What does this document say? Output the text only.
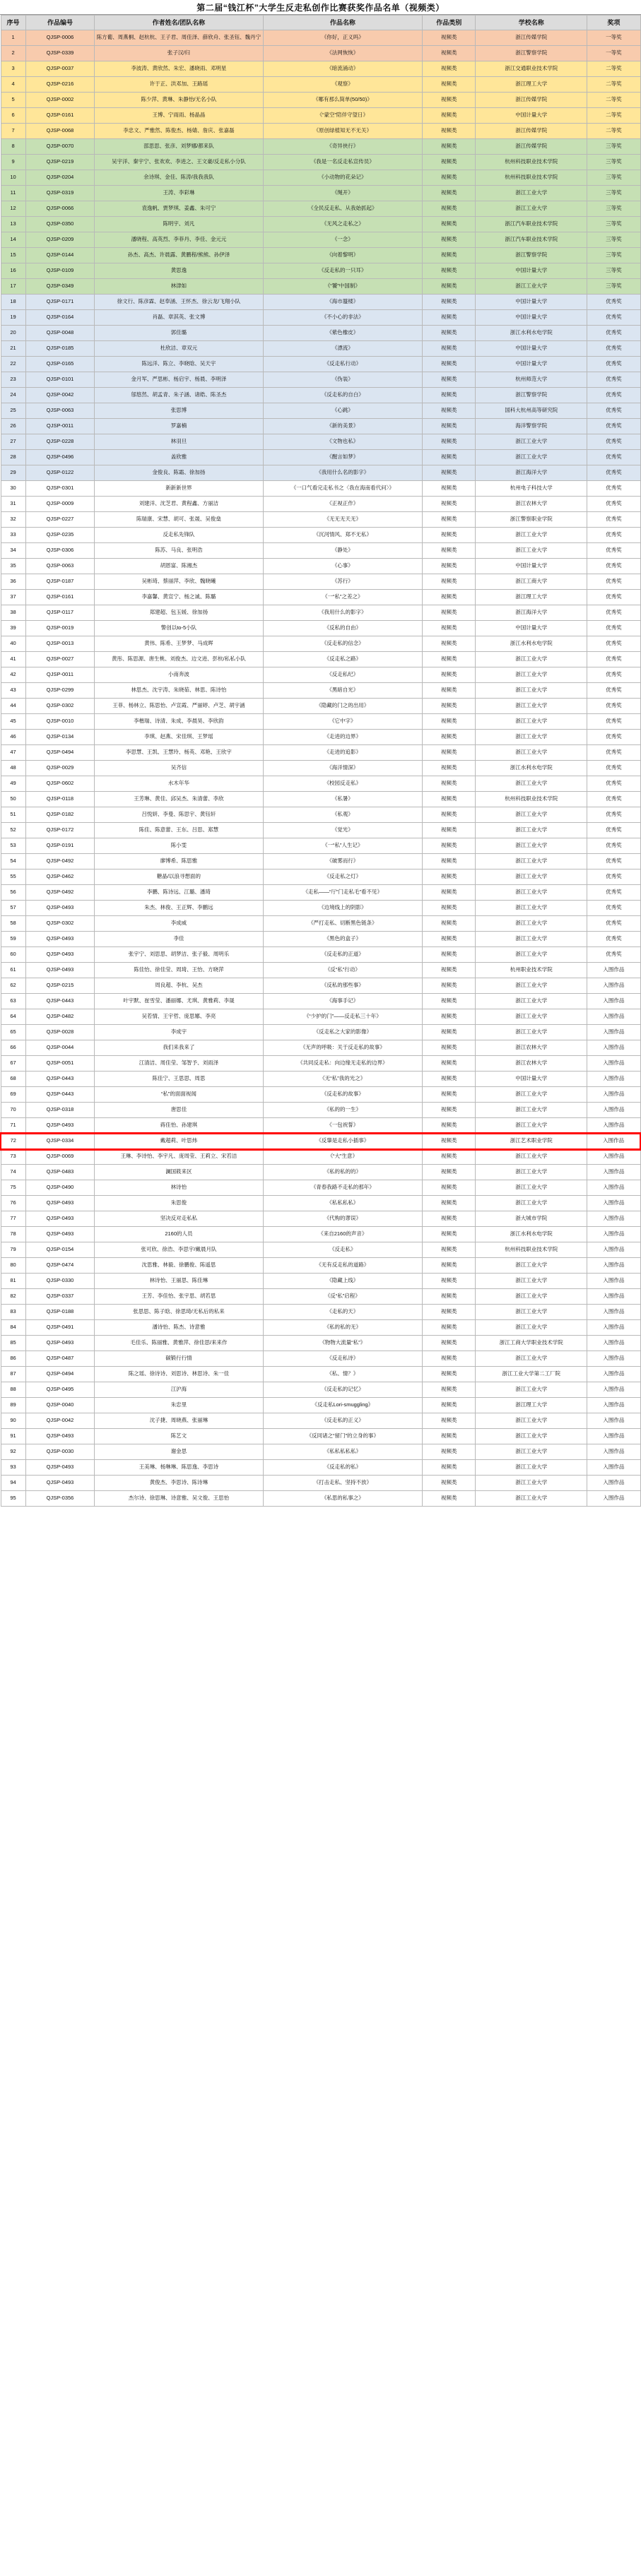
第二届“钱江杯”大学生反走私创作比赛获奖作品名单（视频类）
序号	作品编号	作者姓名/团队名称	作品名称	作品类别	学校名称	奖项
1	QJSP-0006	陈方葡、周燕桐、赵杭杭、王子君、周佳泽、薛欣舟、张圣钰、魏丹宁	《你好，正义吗》	视频类	浙江传媒学院	一等奖
2	QJSP-0339	张子汉/归	《法网恢恢》	视频类	浙江警察学院	一等奖
3	QJSP-0037	李波涛、黄欣然、朱宏、潘晓雨、邓明星	《暗流涌动》	视频类	浙江交通职业技术学院	二等奖
4	QJSP-0216	许于正、洪邓加、王路瑶	《观察》	视频类	浙江理工大学	二等奖
5	QJSP-0002	陈少萍、黄琳、朱静怡/无名小队	《哪有那么简单(50/50)》	视频类	浙江传媒学院	二等奖
6	QJSP-0161	王博、宁雨雨、杨晶晶	《“蒙空”陪伴守望日》	视频类	中国计量大学	二等奖
7	QJSP-0068	李忠文、严雅然、陈俊杰、杨婧、詹庆、张嘉磊	《原创绿植知无不无关》	视频类	浙江传媒学院	二等奖
8	QJSP-0070	邵思思、张彦、刘梦娜/都来队	《奇异侠行》	视频类	浙江传媒学院	三等奖
9	QJSP-0219	吴宇洋、秦宇宁、张欢欢、李进之、王文豪/反走私小分队	《我是一名反走私宣传员》	视频类	杭州科技职业技术学院	三等奖
10	QJSP-0204	余诗琪、金佳、陈涛/我我我队	《小动物的花朵记》	视频类	杭州科技职业技术学院	三等奖
11	QJSP-0319	王涛、李彩琳	《绳开》	视频类	浙江工业大学	三等奖
12	QJSP-0066	袁逸帆、贾梦琪、姜鑫、朱可宁	《全民反走私、从我始抓起》	视频类	浙江工业大学	三等奖
13	QJSP-0350	陈明宇、刘凡	《无风之走私之》	视频类	浙江汽车职业技术学院	三等奖
14	QJSP-0209	潘晓程、高英烈、李菲丹、李佳、金元元	《一念》	视频类	浙江汽车职业技术学院	三等奖
15	QJSP-0144	孙杰、高杰、许晨露、黄鹏程/熊熊、孙伊泽	《向着黎明》	视频类	浙江警察学院	三等奖
16	QJSP-0109	黄思逸	《反走私的一只耳》	视频类	中国计量大学	三等奖
17	QJSP-0349	林津如	《“饕”中国制》	视频类	浙江工业大学	三等奖
18	QJSP-0171	徐文行、陈彦霖、赵奉涵、王怀杰、徐云龙/飞翔小队	《海市蜃楼》	视频类	中国计量大学	优秀奖
19	QJSP-0164	肖磊、章淇英、张文博	《不小心的非法》	视频类	中国计量大学	优秀奖
20	QJSP-0048	郭佳璐	《紫色橡皮》	视频类	浙江水利水电学院	优秀奖
21	QJSP-0185	杜欣洁、章双元	《漂流》	视频类	中国计量大学	优秀奖
22	QJSP-0165	陈远洋、陈立、李晓晗、吴天宇	《反走私行动》	视频类	中国计量大学	优秀奖
23	QJSP-0101	金月军、严思彬、杨启宇、杨晨、李明泽	《伪装》	视频类	杭州师范大学	优秀奖
24	QJSP-0042	邬悠然、胡孟青、朱子涵、诸皓、陈圣杰	《反走私的自白》	视频类	浙江警察学院	优秀奖
25	QJSP-0063	张思博	《心跳》	视频类	国科大杭州高等研究院	优秀奖
26	QJSP-0011	罗嘉楠	《新的美景》	视频类	海洋警察学院	优秀奖
27	QJSP-0228	林羽旦	《文物也私》	视频类	浙江工业大学	优秀奖
28	QJSP-0496	盖欣雅	《醒言如梦》	视频类	浙江工业大学	优秀奖
29	QJSP-0122	金俊良、陈霜、徐加扬	《我用什么名的影字》	视频类	浙江海洋大学	优秀奖
30	QJSP-0301	新新新世界	《一口气看完走私书之〈我在海南看代问〉》	视频类	杭州电子科技大学	优秀奖
31	QJSP-0009	刘建洋、沈芝君、黄程鑫、方丽洁	《正视正作》	视频类	浙江农林大学	优秀奖
32	QJSP-0227	陈瑞康、宋慧、胡可、张晟、吴俊燊	《无无无天无》	视频类	浙江警察职业学院	优秀奖
33	QJSP-0235	反走私先锋队	《沉河情风、郑不无私》	视频类	浙江工业大学	优秀奖
34	QJSP-0306	陈苏、马良、张明浩	《静处》	视频类	浙江工业大学	优秀奖
35	QJSP-0063	胡恩富、陈湘杰	《心事》	视频类	中国计量大学	优秀奖
36	QJSP-0187	吴彬琦、蔡丽萍、李欣、魏晓曦	《苏行》	视频类	浙江工商大学	优秀奖
37	QJSP-0161	李嘉馨、黄宣宁、杨之诚、陈璐	《一“私”之差之》	视频类	浙江理工大学	优秀奖
38	QJSP-0117	郑建超、包玉媛、徐加扬	《我用什么的影字》	视频类	浙江海洋大学	优秀奖
39	QJSP-0019	警创以to-5小队	《反私的自由》	视频类	中国计量大学	优秀奖
40	QJSP-0013	黄伟、陈希、王梦梦、马成晖	《反走私的信念》	视频类	浙江水利水电学院	优秀奖
41	QJSP-0027	黄彤、陈思源、唐生桃、刘俊杰、边文进、彭杭/私私小队	《反走私之路》	视频类	浙江工业大学	优秀奖
42	QJSP-0011	小南奔波	《反走私纪》	视频类	浙江工业大学	优秀奖
43	QJSP-0299	林思杰、沈宇涛、朱晓茹、林思、陈诗怡	《黑暗自光》	视频类	浙江工业大学	优秀奖
44	QJSP-0302	王菲、杨林立、陈思怡、卢宣霞、严丽婷、卢芝、胡宇涵	《隐藏的门之的出用》	视频类	浙江工业大学	优秀奖
45	QJSP-0010	李楷瑞、诗清、朱成、李晨昊、李欣韵	《它中字》	视频类	浙江工业大学	优秀奖
46	QJSP-0134	李琪、赵燕、宋佳琪、王梦瑶	《走进的边界》	视频类	浙江工业大学	优秀奖
47	QJSP-0494	李思慧、王凯、王慧玲、杨英、邓艳、王欣宇	《走进的追影》	视频类	浙江工业大学	优秀奖
48	QJSP-0029	吴齐信	《海洋情深》	视频类	浙江水利水电学院	优秀奖
49	QJSP-0602	水木年华	《校园反走私》	视频类	浙江工业大学	优秀奖
50	QJSP-0118	王芳琳、黄佳、邱吴杰、朱清蕾、李欣	《私暑》	视频类	杭州科技职业技术学院	优秀奖
51	QJSP-0182	吕悦妍、李曼、陈思宇、黄钰轩	《私观》	视频类	浙江工业大学	优秀奖
52	QJSP-0172	陈佳、陈意蕾、王东、吕思、郑慧	《觉光》	视频类	浙江工业大学	优秀奖
53	QJSP-0191	陈小雯	《一“私”人生记》	视频类	浙江工业大学	优秀奖
54	QJSP-0492	廖博希、陈思雅	《破雾而行》	视频类	浙江工业大学	优秀奖
55	QJSP-0462	糖晶/以浪寻想面的	《反走私之灯》	视频类	浙江工业大学	优秀奖
56	QJSP-0492	李鹏、陈诗远、江璐、潘琦	《走私——“厅”门走私毛”看不见》	视频类	浙江工业大学	优秀奖
57	QJSP-0493	朱杰、林俊、王正辉、李鹏远	《边境线上的阴影》	视频类	浙江工业大学	优秀奖
58	QJSP-0302	李成威	《严打走私、切断黑色链条》	视频类	浙江工业大学	优秀奖
59	QJSP-0493	李佳	《黑色的盒子》	视频类	浙江工业大学	优秀奖
60	QJSP-0493	张宇宁、刘思思、胡梦洁、张子毅、周明乐	《反走私的正道》	视频类	浙江工业大学	优秀奖
61	QJSP-0493	陈佳怡、徐佳莹、周琦、王怡、方晓萍	《反“私”行动》	视频类	杭州职业技术学院	入围作品
62	QJSP-0215	周良超、李杭、吴杰	《反私的那些事》	视频类	浙江工业大学	入围作品
63	QJSP-0443	叶宇默、崔雪莹、潘丽娜、尤琪、黄雅莉、李晟	《海事手记》	视频类	浙江工业大学	入围作品
64	QJSP-0482	吴若情、王宇哲、庞思娜、李亮	《“少护的门”——反走私三十年》	视频类	浙江工业大学	入围作品
65	QJSP-0028	李成宇	《反走私之大家的影像》	视频类	浙江工业大学	入围作品
66	QJSP-0044	我们来我来了	《无声的呼吸：关于反走私的故事》	视频类	浙江农林大学	入围作品
67	QJSP-0051	江清洁、周佳莹、邹智予、刘雨泽	《共同反走私：向边缘无走私的边界》	视频类	浙江农林大学	入围作品
68	QJSP-0443	陈佳宁、王思思、周思	《无“私”我的光之》	视频类	中国计量大学	入围作品
69	QJSP-0443	“私”的面面视闻	《反走私的故事》	视频类	浙江工业大学	入围作品
70	QJSP-0318	唐思佳	《私的的一生》	视频类	浙江工业大学	入围作品
71	QJSP-0493	蒋佳怡、孙建琪	《一包祝誓》	视频类	浙江工业大学	入围作品
72	QJSP-0334	戴超莉、叶思炜	《反肇是走私小插事》	视频类	浙江艺术职业学院	入围作品
73	QJSP-0069	王琳、李诗怡、李宇凡、庞周莹、王莉立、宋若洁	《“大”生意》	视频类	浙江工业大学	入围作品
74	QJSP-0483	澜国筱来区	《私的私的的》	视频类	浙江工业大学	入围作品
75	QJSP-0490	林诗怡	《青春我路不走私的那年》	视频类	浙江工业大学	入围作品
76	QJSP-0493	朱思俊	《私私私私》	视频类	浙江工业大学	入围作品
77	QJSP-0493	坚决反对走私私	《代购的谬误》	视频类	浙大城市学院	入围作品
78	QJSP-0493	2160的人员	《来自2160的声音》	视频类	浙江水利水电学院	入围作品
79	QJSP-0154	张可欣、徐浩、李思宇/戴晨月队	《反走私》	视频类	杭州科技职业技术学院	入围作品
80	QJSP-0474	沈思雅、林毅、徐鹏俊、陈遥思	《无有反走私的道路》	视频类	浙江工业大学	入围作品
81	QJSP-0330	林诗怡、王丽思、陈佳琳	《隐藏上线》	视频类	浙江工业大学	入围作品
82	QJSP-0337	王芳、李佳怡、张宇思、胡若思	《反“私”启程》	视频类	浙江工业大学	入围作品
83	QJSP-0188	张思思、陈子晗、徐思琦/无私后的私来	《走私的天》	视频类	浙江工业大学	入围作品
84	QJSP-0491	潘诗怡、陈杰、诗意雅	《私的私的无》	视频类	浙江工业大学	入围作品
85	QJSP-0493	毛佳乐、陈丽雅、黄雅萍、徐佳思/来来作	《物物大流量“私”》	视频类	浙江工商大学职业技术学院	入围作品
86	QJSP-0487	碳锻行行情	《反走私诗》	视频类	浙江工业大学	入围作品
87	QJSP-0494	陈之瑶、徐诗诗、刘思诗、林思诗、朱一佳	《私、情？》	视频类	浙江工业大学第二工厂院	入围作品
88	QJSP-0495	江沪海	《反走私的记忆》	视频类	浙江工业大学	入围作品
89	QJSP-0040	朱忠里	《反走私Lori-smuggling》	视频类	浙江理工大学	入围作品
90	QJSP-0042	沈子捷、周晓燕、张丽琳	《反走私的正义》	视频类	浙江工业大学	入围作品
91	QJSP-0493	陈艺文	《反同诸之“留门”的立身的事》	视频类	浙江工业大学	入围作品
92	QJSP-0030	谢金思	《私私私私私》	视频类	浙江工业大学	入围作品
93	QJSP-0493	王美琳、杨琳琳、陈思逸、李思诗	《反走私的私》	视频类	浙江工业大学	入围作品
94	QJSP-0493	黄俊杰、李思诗、陈诗琳	《打击走私、坚持不放》	视频类	浙江工业大学	入围作品
95	QJSP-0356	杰尔诗、徐思琳、诗意雅、吴文俊、王思怡	《私思的私事之》	视频类	浙江工业大学	入围作品
